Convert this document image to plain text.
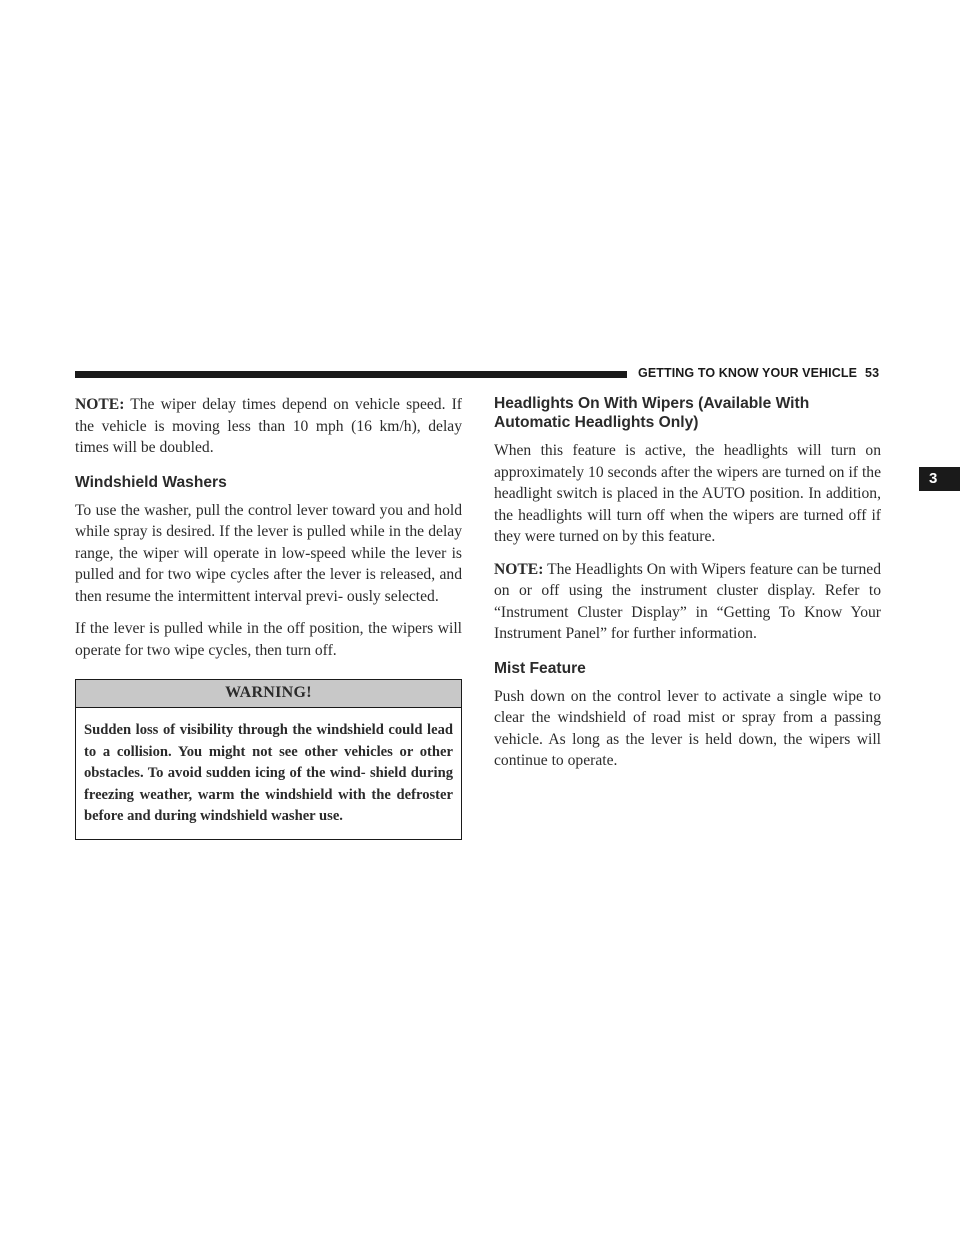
GETTING TO KNOW YOUR VEHICLE 53
3

NOTE: The wiper delay times depend on vehicle speed. If the vehicle is moving less than 10 mph (16 km/h), delay times will be doubled.

Windshield Washers

To use the washer, pull the control lever toward you and hold while spray is desired. If the lever is pulled while in the delay range, the wiper will operate in low-speed while the lever is pulled and for two wipe cycles after the lever is released, and then resume the intermittent interval previ- ously selected.

If the lever is pulled while in the off position, the wipers will operate for two wipe cycles, then turn off.

WARNING!
Sudden loss of visibility through the windshield could lead to a collision. You might not see other vehicles or other obstacles. To avoid sudden icing of the wind- shield during freezing weather, warm the windshield with the defroster before and during windshield washer use.
Headlights On With Wipers (Available With Automatic Headlights Only)

When this feature is active, the headlights will turn on approximately 10 seconds after the wipers are turned on if the headlight switch is placed in the AUTO position. In addition, the headlights will turn off when the wipers are turned off if they were turned on by this feature.

NOTE: The Headlights On with Wipers feature can be turned on or off using the instrument cluster display. Refer to “Instrument Cluster Display” in “Getting To Know Your Instrument Panel” for further information.

Mist Feature

Push down on the control lever to activate a single wipe to clear the windshield of road mist or spray from a passing vehicle. As long as the lever is held down, the wipers will continue to operate.
